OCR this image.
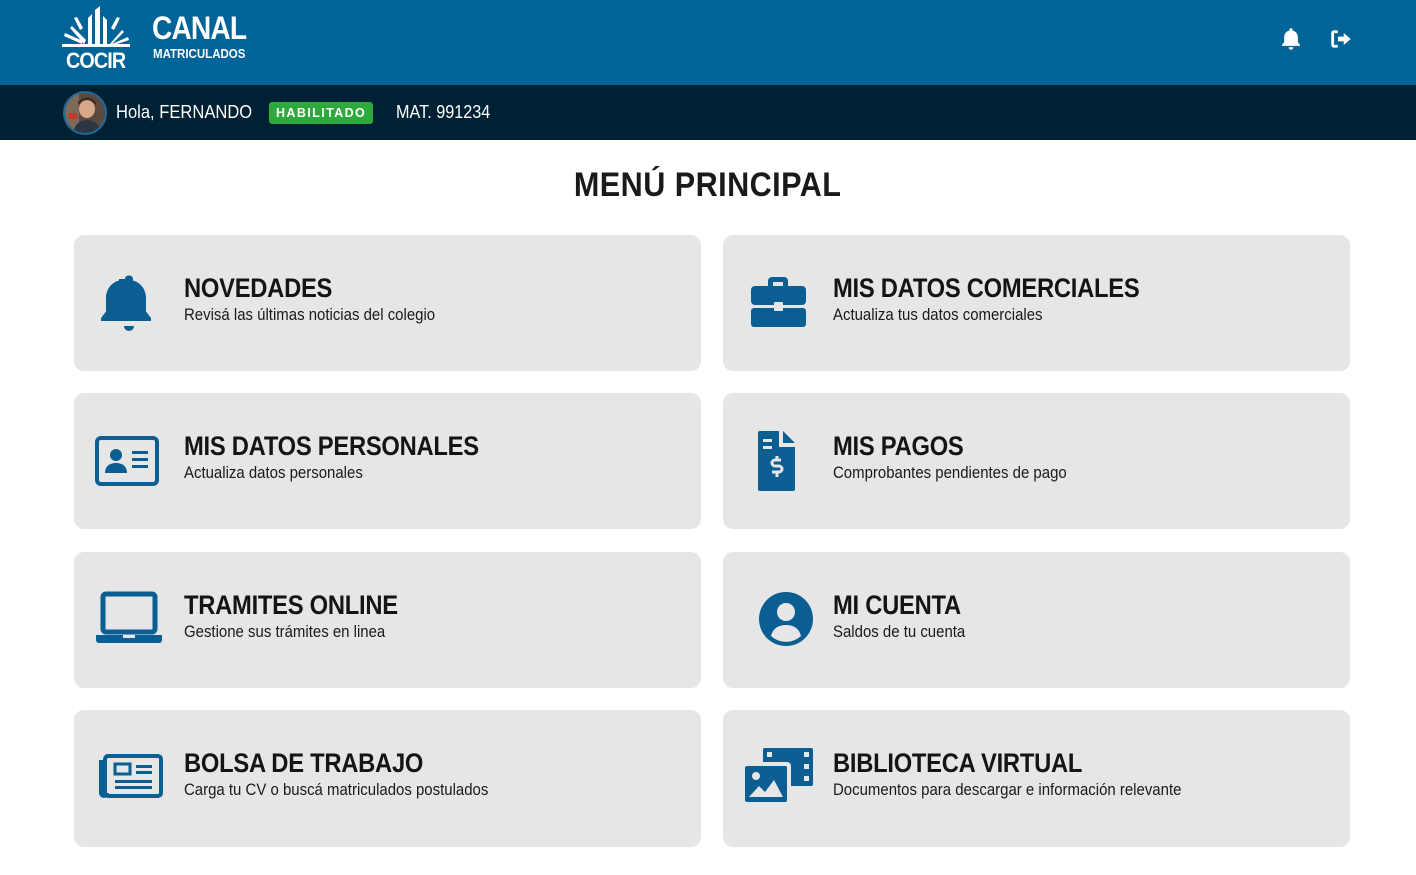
COCIR
CANAL
MATRICULADOS
Hola, FERNANDO	HABILITADO	MAT. 991234
MENÚ PRINCIPAL
NOVEDADES
Revisá las últimas noticias del colegio
MIS DATOS COMERCIALES
Actualiza tus datos comerciales
MIS DATOS PERSONALES
Actualiza datos personales
MIS PAGOS
Comprobantes pendientes de pago
TRAMITES ONLINE
Gestione sus trámites en linea
MI CUENTA
Saldos de tu cuenta
BOLSA DE TRABAJO
Carga tu CV o buscá matriculados postulados
BIBLIOTECA VIRTUAL
Documentos para descargar e información relevante
